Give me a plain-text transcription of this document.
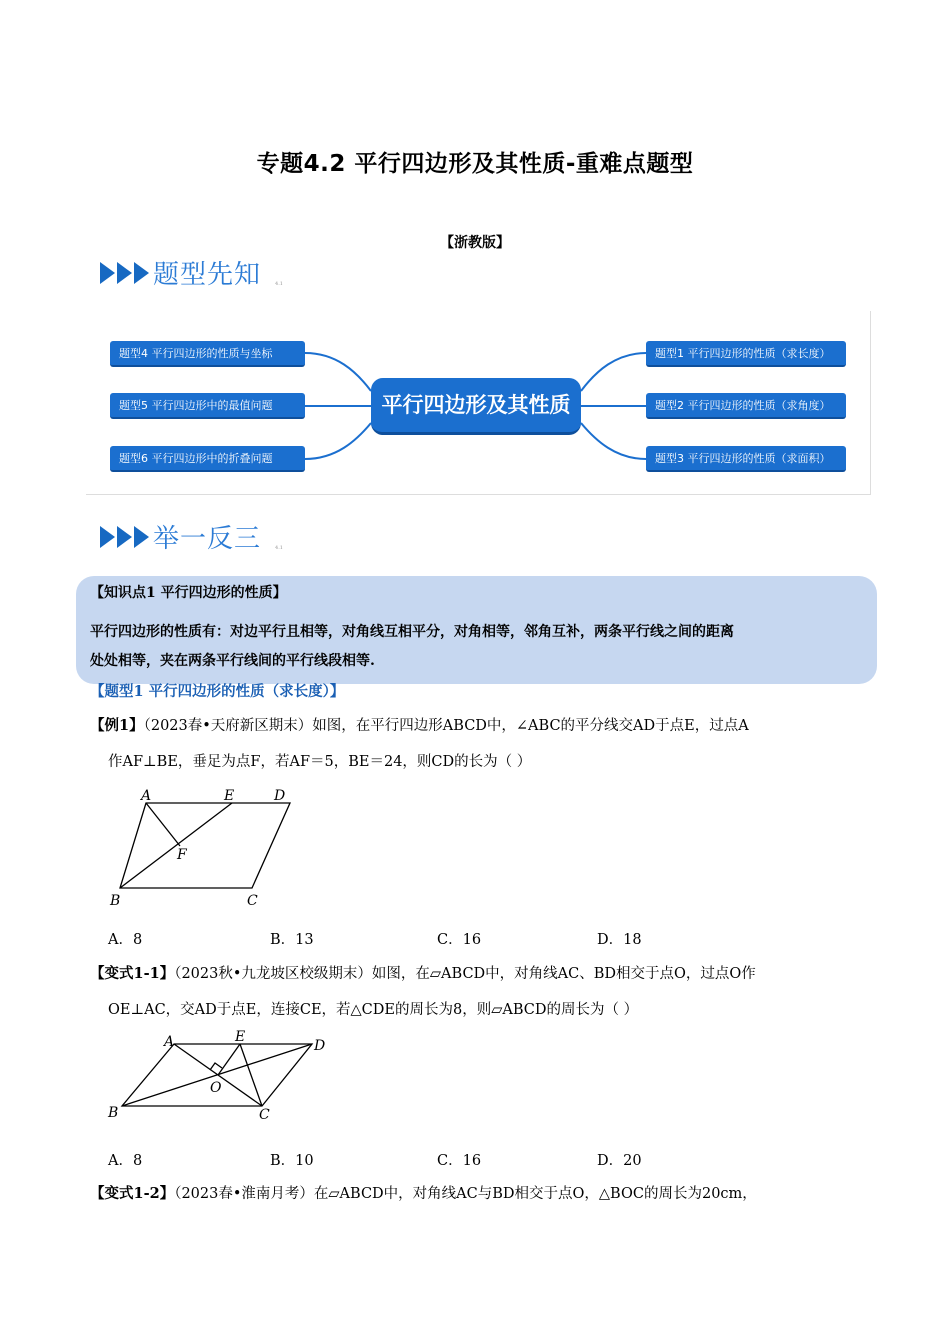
专题4.2 平行四边形及其性质-重难点题型
【浙教版】
题型先知	4.1
题型4 平行四边形的性质与坐标
题型5 平行四边形中的最值问题
题型6 平行四边形中的折叠问题
平行四边形及其性质
题型1 平行四边形的性质（求长度）
题型2 平行四边形的性质（求角度）
题型3 平行四边形的性质（求面积）
举一反三	4.1
【知识点1 平行四边形的性质】
平行四边形的性质有：对边平行且相等，对角线互相平分，对角相等，邻角互补，两条平行线之间的距离
处处相等，夹在两条平行线间的平行线段相等.
【题型1 平行四边形的性质（求长度）】
【例1】（2023春•天府新区期末）如图，在平行四边形ABCD中，∠ABC的平分线交AD于点E，过点A
作AF⊥BE，垂足为点F，若AF＝5，BE＝24，则CD的长为（ ）
A	E	D
F
B	C
A．8	B．13	C．16	D．18
【变式1-1】（2023秋•九龙坡区校级期末）如图，在▱ABCD中，对角线AC、BD相交于点O，过点O作
OE⊥AC，交AD于点E，连接CE，若△CDE的周长为8，则▱ABCD的周长为（ ）
A	E
D
O
B	C
A．8	B．10	C．16	D．20
【变式1-2】（2023春•淮南月考）在▱ABCD中，对角线AC与BD相交于点O，△BOC的周长为20cm，
